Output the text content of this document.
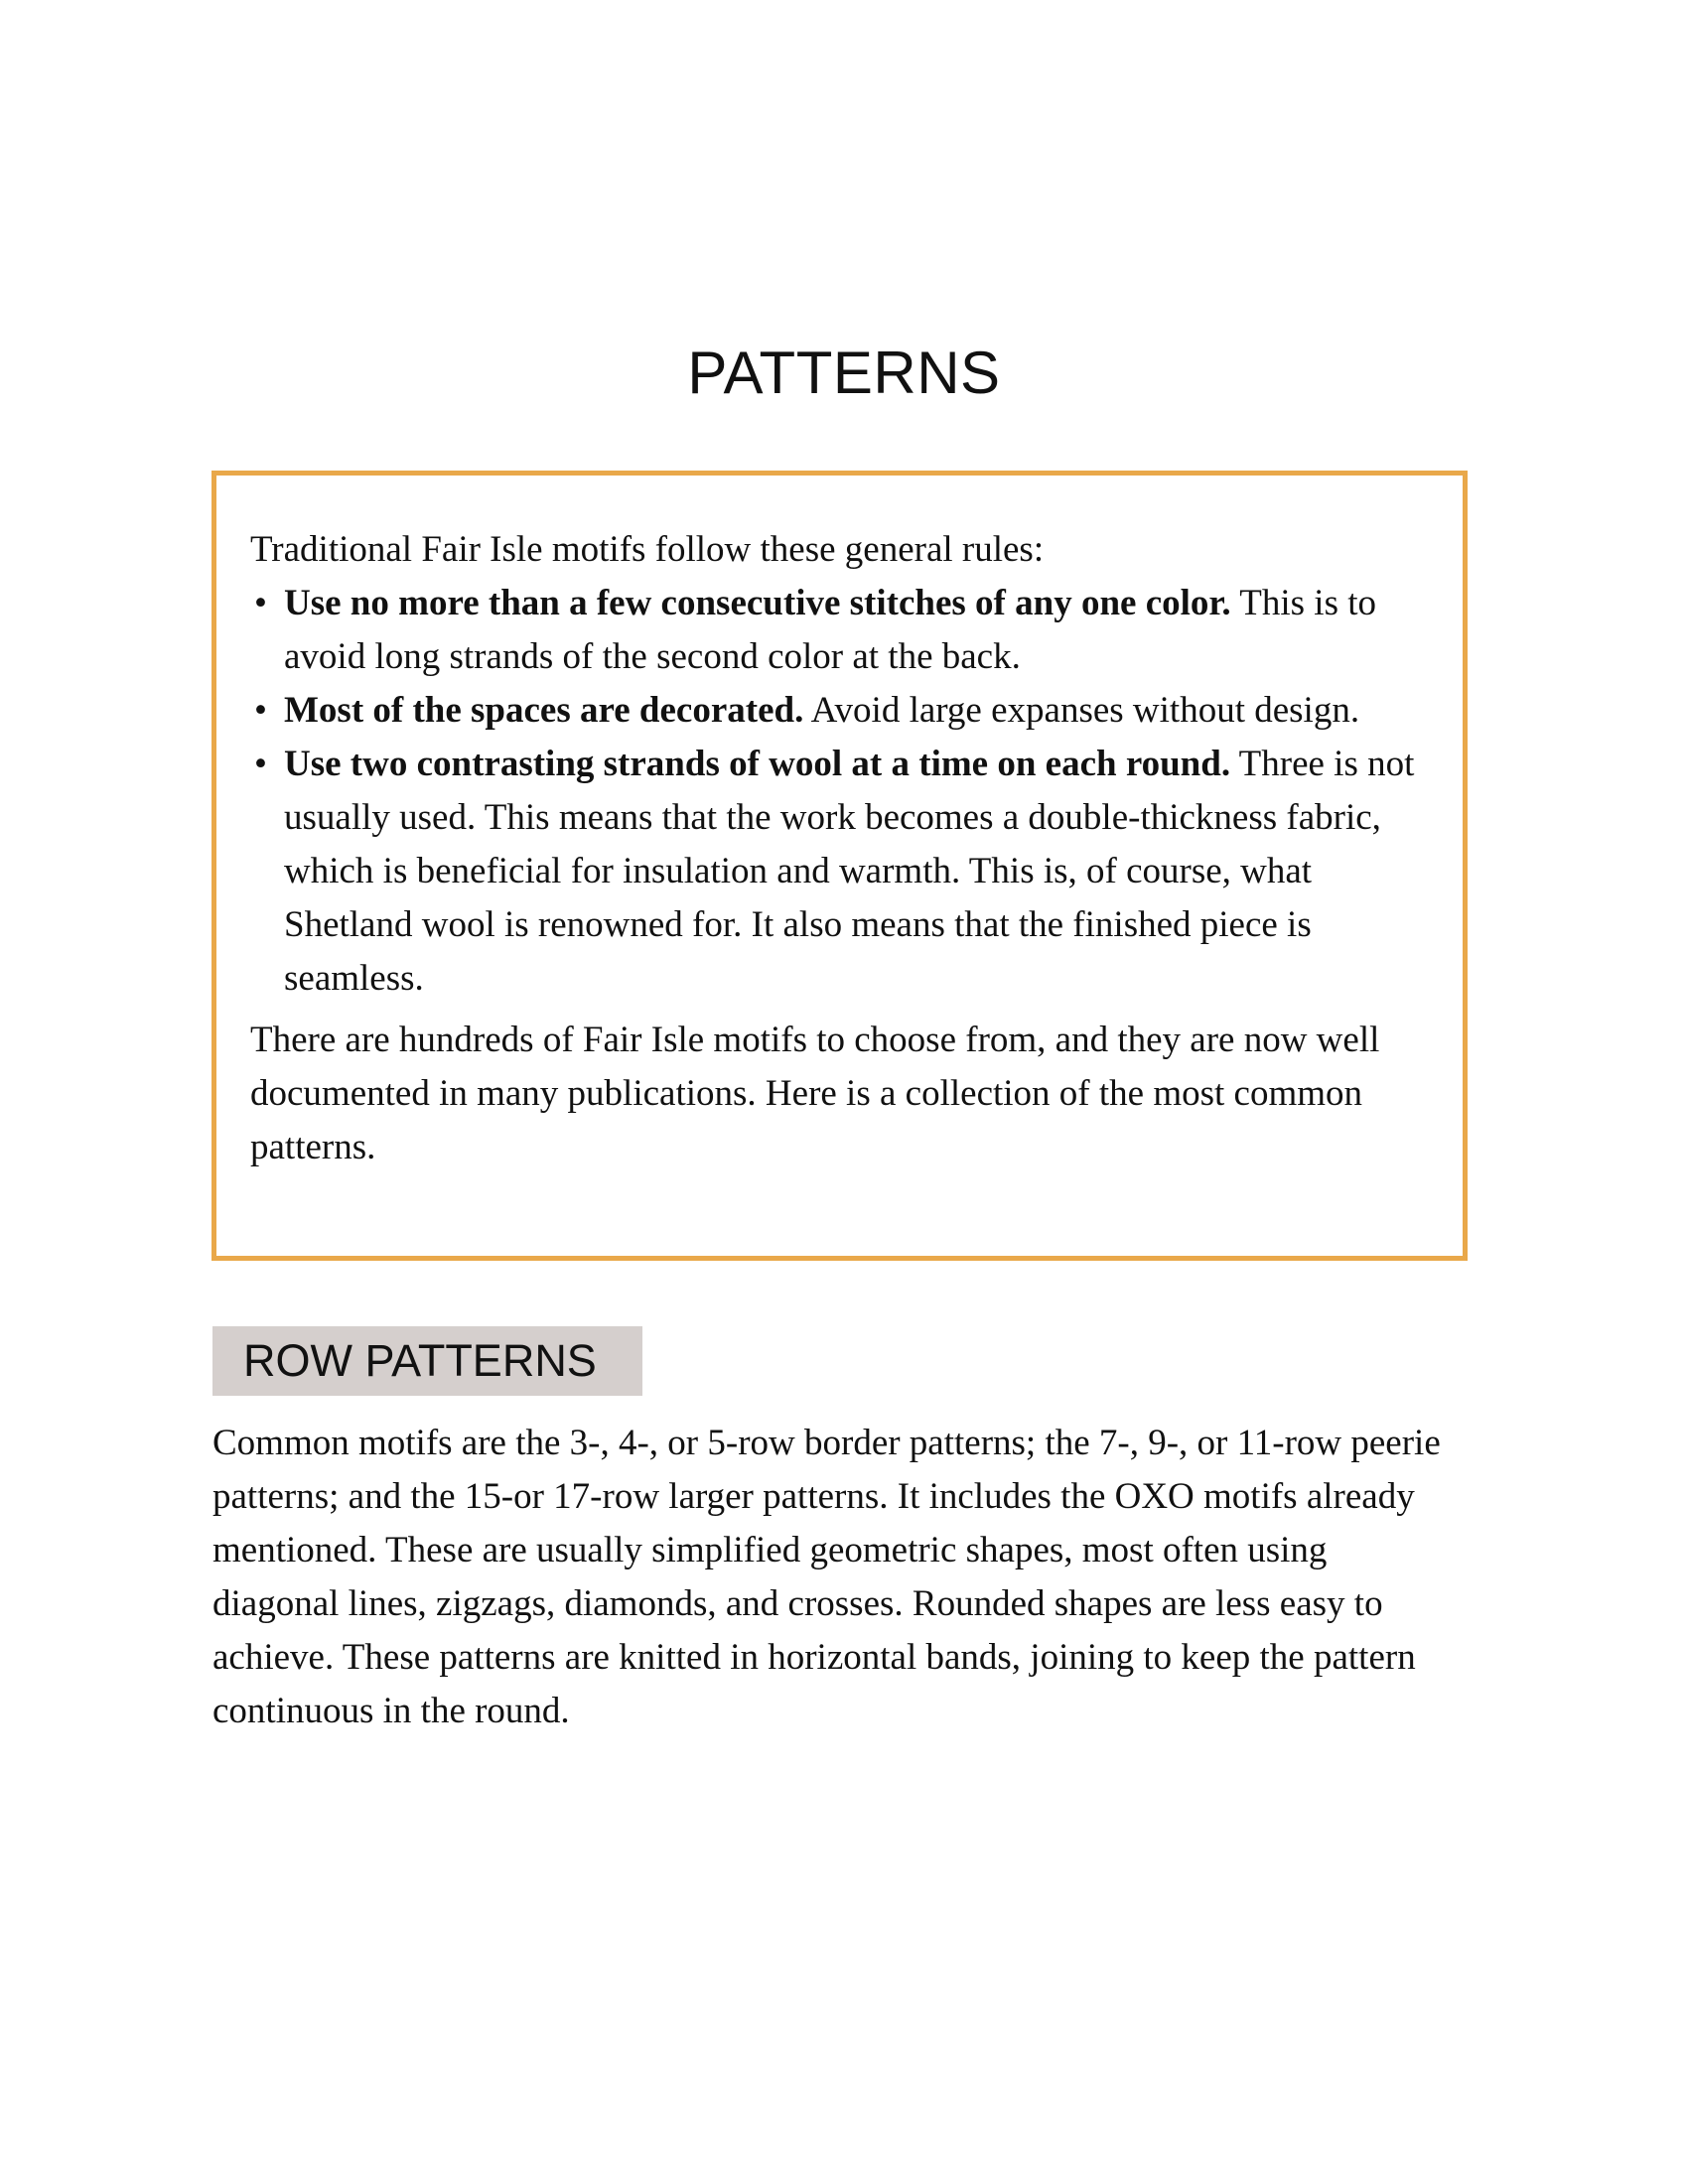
PATTERNS

Traditional Fair Isle motifs follow these general rules:

• Use no more than a few consecutive stitches of any one color. This is to avoid long strands of the second color at the back.
• Most of the spaces are decorated. Avoid large expanses without design.
• Use two contrasting strands of wool at a time on each round. Three is not usually used. This means that the work becomes a double-thickness fabric, which is beneficial for insulation and warmth. This is, of course, what Shetland wool is renowned for. It also means that the finished piece is seamless.

There are hundreds of Fair Isle motifs to choose from, and they are now well documented in many publications. Here is a collection of the most common patterns.

ROW PATTERNS

Common motifs are the 3-, 4-, or 5-row border patterns; the 7-, 9-, or 11-row peerie patterns; and the 15-or 17-row larger patterns. It includes the OXO motifs already mentioned. These are usually simplified geometric shapes, most often using diagonal lines, zigzags, diamonds, and crosses. Rounded shapes are less easy to achieve. These patterns are knitted in horizontal bands, joining to keep the pattern continuous in the round.
